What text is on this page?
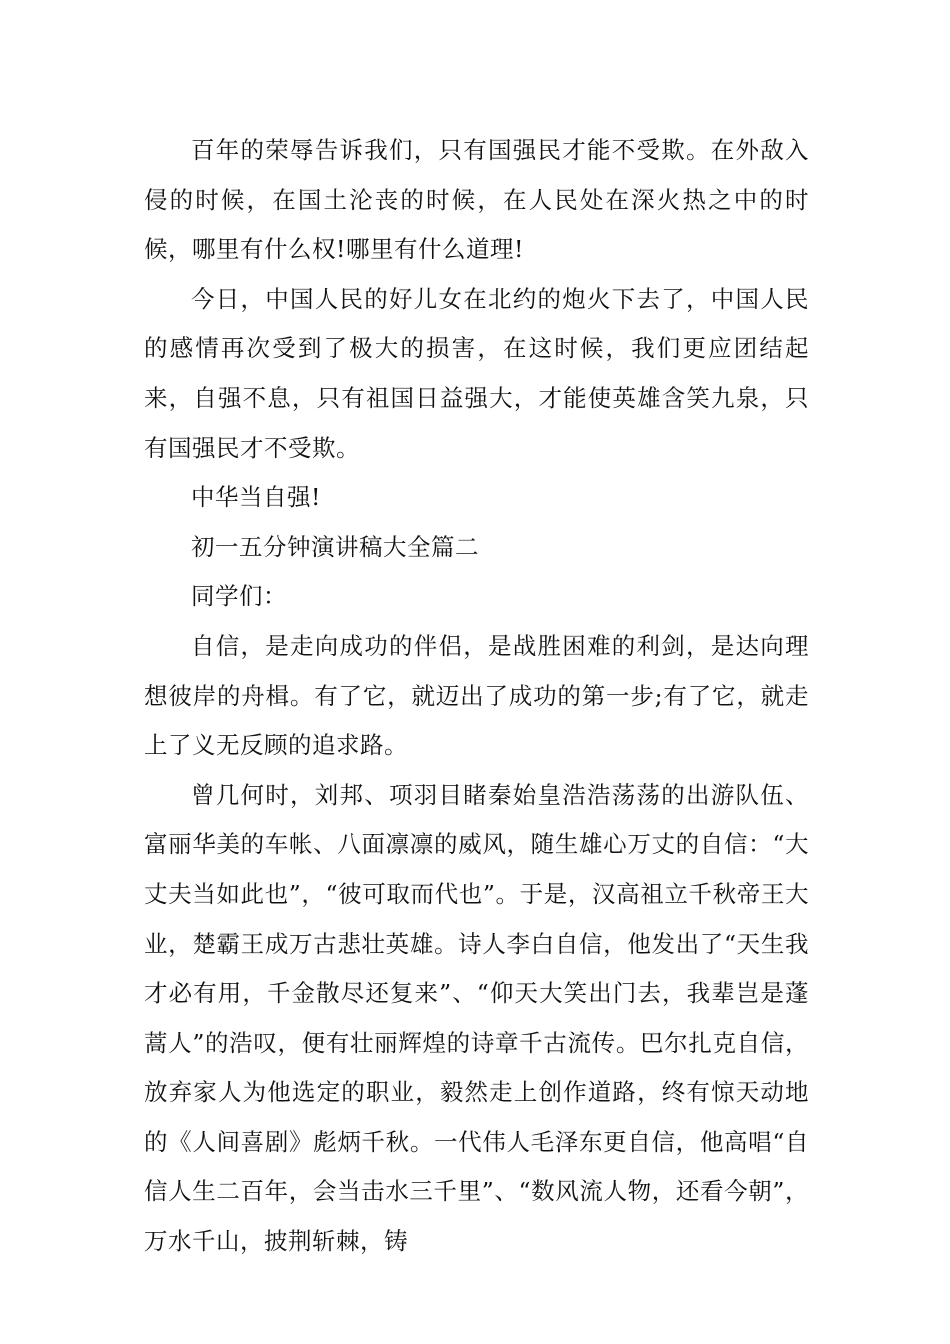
百年的荣辱告诉我们，只有国强民才能不受欺。在外敌入侵的时候，在国土沦丧的时候，在人民处在深火热之中的时候，哪里有什么权!哪里有什么道理!

今日，中国人民的好儿女在北约的炮火下去了，中国人民的感情再次受到了极大的损害，在这时候，我们更应团结起来，自强不息，只有祖国日益强大，才能使英雄含笑九泉，只有国强民才不受欺。

中华当自强!

初一五分钟演讲稿大全篇二

同学们：

自信，是走向成功的伴侣，是战胜困难的利剑，是达向理想彼岸的舟楫。有了它，就迈出了成功的第一步;有了它，就走上了义无反顾的追求路。

曾几何时，刘邦、项羽目睹秦始皇浩浩荡荡的出游队伍、富丽华美的车帐、八面凛凛的威风，随生雄心万丈的自信：“大丈夫当如此也”，“彼可取而代也”。于是，汉高祖立千秋帝王大业，楚霸王成万古悲壮英雄。诗人李白自信，他发出了“天生我才必有用，千金散尽还复来”、“仰天大笑出门去，我辈岂是蓬蒿人”的浩叹，便有壮丽辉煌的诗章千古流传。巴尔扎克自信，放弃家人为他选定的职业，毅然走上创作道路，终有惊天动地的《人间喜剧》彪炳千秋。一代伟人毛泽东更自信，他高唱“自信人生二百年，会当击水三千里”、“数风流人物，还看今朝”，万水千山，披荆斩棘，铸
